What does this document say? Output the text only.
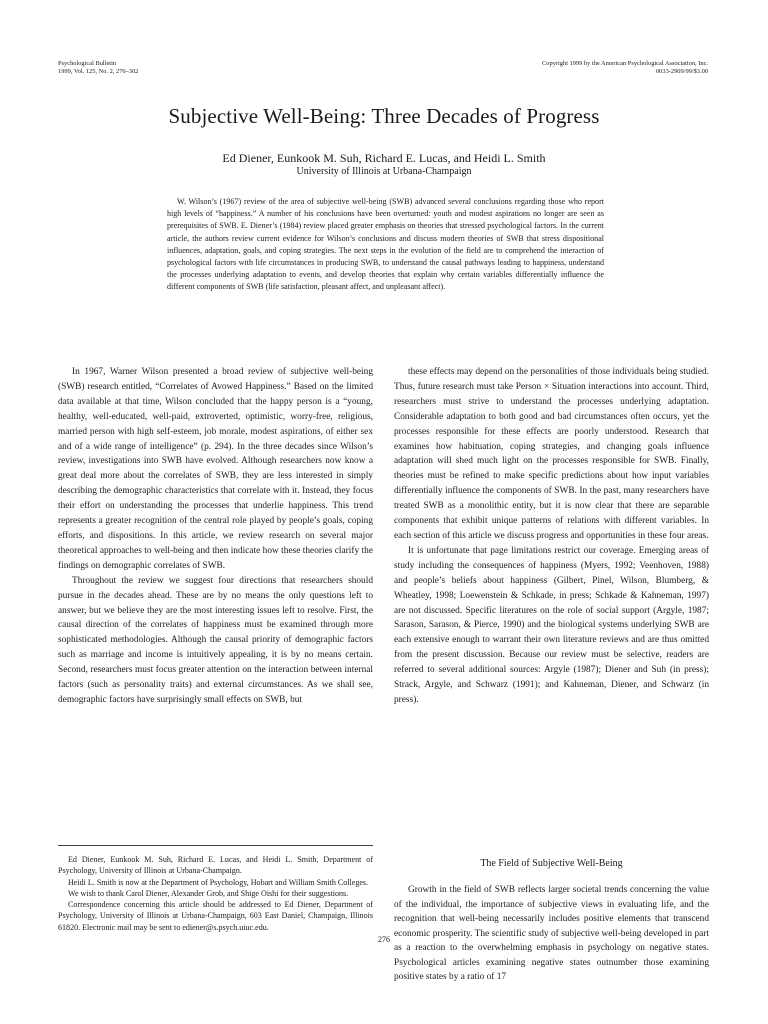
Psychological Bulletin
1999, Vol. 125, No. 2, 276–302
Copyright 1999 by the American Psychological Association, Inc.
0033-2909/99/$3.00
Subjective Well-Being: Three Decades of Progress
Ed Diener, Eunkook M. Suh, Richard E. Lucas, and Heidi L. Smith
University of Illinois at Urbana-Champaign
W. Wilson’s (1967) review of the area of subjective well-being (SWB) advanced several conclusions regarding those who report high levels of “happiness.” A number of his conclusions have been overturned: youth and modest aspirations no longer are seen as prerequisites of SWB. E. Diener’s (1984) review placed greater emphasis on theories that stressed psychological factors. In the current article, the authors review current evidence for Wilson’s conclusions and discuss modern theories of SWB that stress dispositional influences, adaptation, goals, and coping strategies. The next steps in the evolution of the field are to comprehend the interaction of psychological factors with life circumstances in producing SWB, to understand the causal pathways leading to happiness, understand the processes underlying adaptation to events, and develop theories that explain why certain variables differentially influence the different components of SWB (life satisfaction, pleasant affect, and unpleasant affect).

In 1967, Warner Wilson presented a broad review of subjective well-being (SWB) research entitled, “Correlates of Avowed Happiness.” Based on the limited data available at that time, Wilson concluded that the happy person is a “young, healthy, well-educated, well-paid, extroverted, optimistic, worry-free, religious, married person with high self-esteem, job morale, modest aspirations, of either sex and of a wide range of intelligence” (p. 294). In the three decades since Wilson’s review, investigations into SWB have evolved. Although researchers now know a great deal more about the correlates of SWB, they are less interested in simply describing the demographic characteristics that correlate with it. Instead, they focus their effort on understanding the processes that underlie happiness. This trend represents a greater recognition of the central role played by people’s goals, coping efforts, and dispositions. In this article, we review research on several major theoretical approaches to well-being and then indicate how these theories clarify the findings on demographic correlates of SWB.

Throughout the review we suggest four directions that researchers should pursue in the decades ahead. These are by no means the only questions left to answer, but we believe they are the most interesting issues left to resolve. First, the causal direction of the correlates of happiness must be examined through more sophisticated methodologies. Although the causal priority of demographic factors such as marriage and income is intuitively appealing, it is by no means certain. Second, researchers must focus greater attention on the interaction between internal factors (such as personality traits) and external circumstances. As we shall see, demographic factors have surprisingly small effects on SWB, but

these effects may depend on the personalities of those individuals being studied. Thus, future research must take Person × Situation interactions into account. Third, researchers must strive to understand the processes underlying adaptation. Considerable adaptation to both good and bad circumstances often occurs, yet the processes responsible for these effects are poorly understood. Research that examines how habituation, coping strategies, and changing goals influence adaptation will shed much light on the processes responsible for SWB. Finally, theories must be refined to make specific predictions about how input variables differentially influence the components of SWB. In the past, many researchers have treated SWB as a monolithic entity, but it is now clear that there are separable components that exhibit unique patterns of relations with different variables. In each section of this article we discuss progress and opportunities in these four areas.

It is unfortunate that page limitations restrict our coverage. Emerging areas of study including the consequences of happiness (Myers, 1992; Veenhoven, 1988) and people’s beliefs about happiness (Gilbert, Pinel, Wilson, Blumberg, & Wheatley, 1998; Loewenstein & Schkade, in press; Schkade & Kahneman, 1997) are not discussed. Specific literatures on the role of social support (Argyle, 1987; Sarason, Sarason, & Pierce, 1990) and the biological systems underlying SWB are each extensive enough to warrant their own literature reviews and are thus omitted from the present discussion. Because our review must be selective, readers are referred to several additional sources: Argyle (1987); Diener and Suh (in press); Strack, Argyle, and Schwarz (1991); and Kahneman, Diener, and Schwarz (in press).

Ed Diener, Eunkook M. Suh, Richard E. Lucas, and Heidi L. Smith, Department of Psychology, University of Illinois at Urbana-Champaign.

Heidi L. Smith is now at the Department of Psychology, Hobart and William Smith Colleges.

We wish to thank Carol Diener, Alexander Grob, and Shige Oishi for their suggestions.

Correspondence concerning this article should be addressed to Ed Diener, Department of Psychology, University of Illinois at Urbana-Champaign, 603 East Daniel, Champaign, Illinois 61820. Electronic mail may be sent to ediener@s.psych.uiuc.edu.

The Field of Subjective Well-Being
Growth in the field of SWB reflects larger societal trends concerning the value of the individual, the importance of subjective views in evaluating life, and the recognition that well-being necessarily includes positive elements that transcend economic prosperity. The scientific study of subjective well-being developed in part as a reaction to the overwhelming emphasis in psychology on negative states. Psychological articles examining negative states outnumber those examining positive states by a ratio of 17
276
